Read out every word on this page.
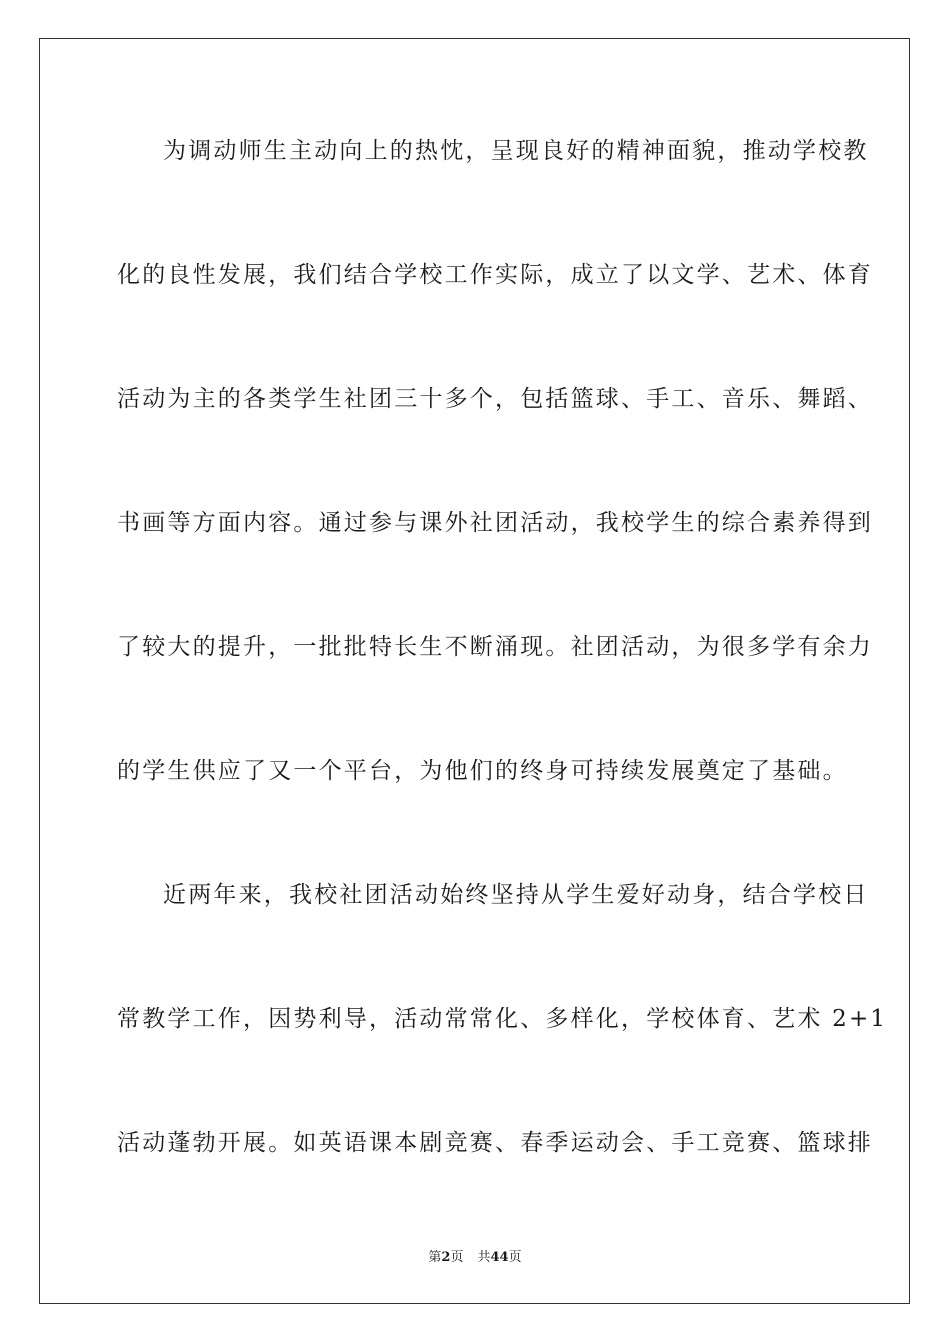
为调动师生主动向上的热忱，呈现良好的精神面貌，推动学校教
化的良性发展，我们结合学校工作实际，成立了以文学、艺术、体育
活动为主的各类学生社团三十多个，包括篮球、手工、音乐、舞蹈、
书画等方面内容。通过参与课外社团活动，我校学生的综合素养得到
了较大的提升，一批批特长生不断涌现。社团活动，为很多学有余力
的学生供应了又一个平台，为他们的终身可持续发展奠定了基础。
近两年来，我校社团活动始终坚持从学生爱好动身，结合学校日
常教学工作，因势利导，活动常常化、多样化，学校体育、艺术 2+1
活动蓬勃开展。如英语课本剧竞赛、春季运动会、手工竞赛、篮球排
第2页 共44页
